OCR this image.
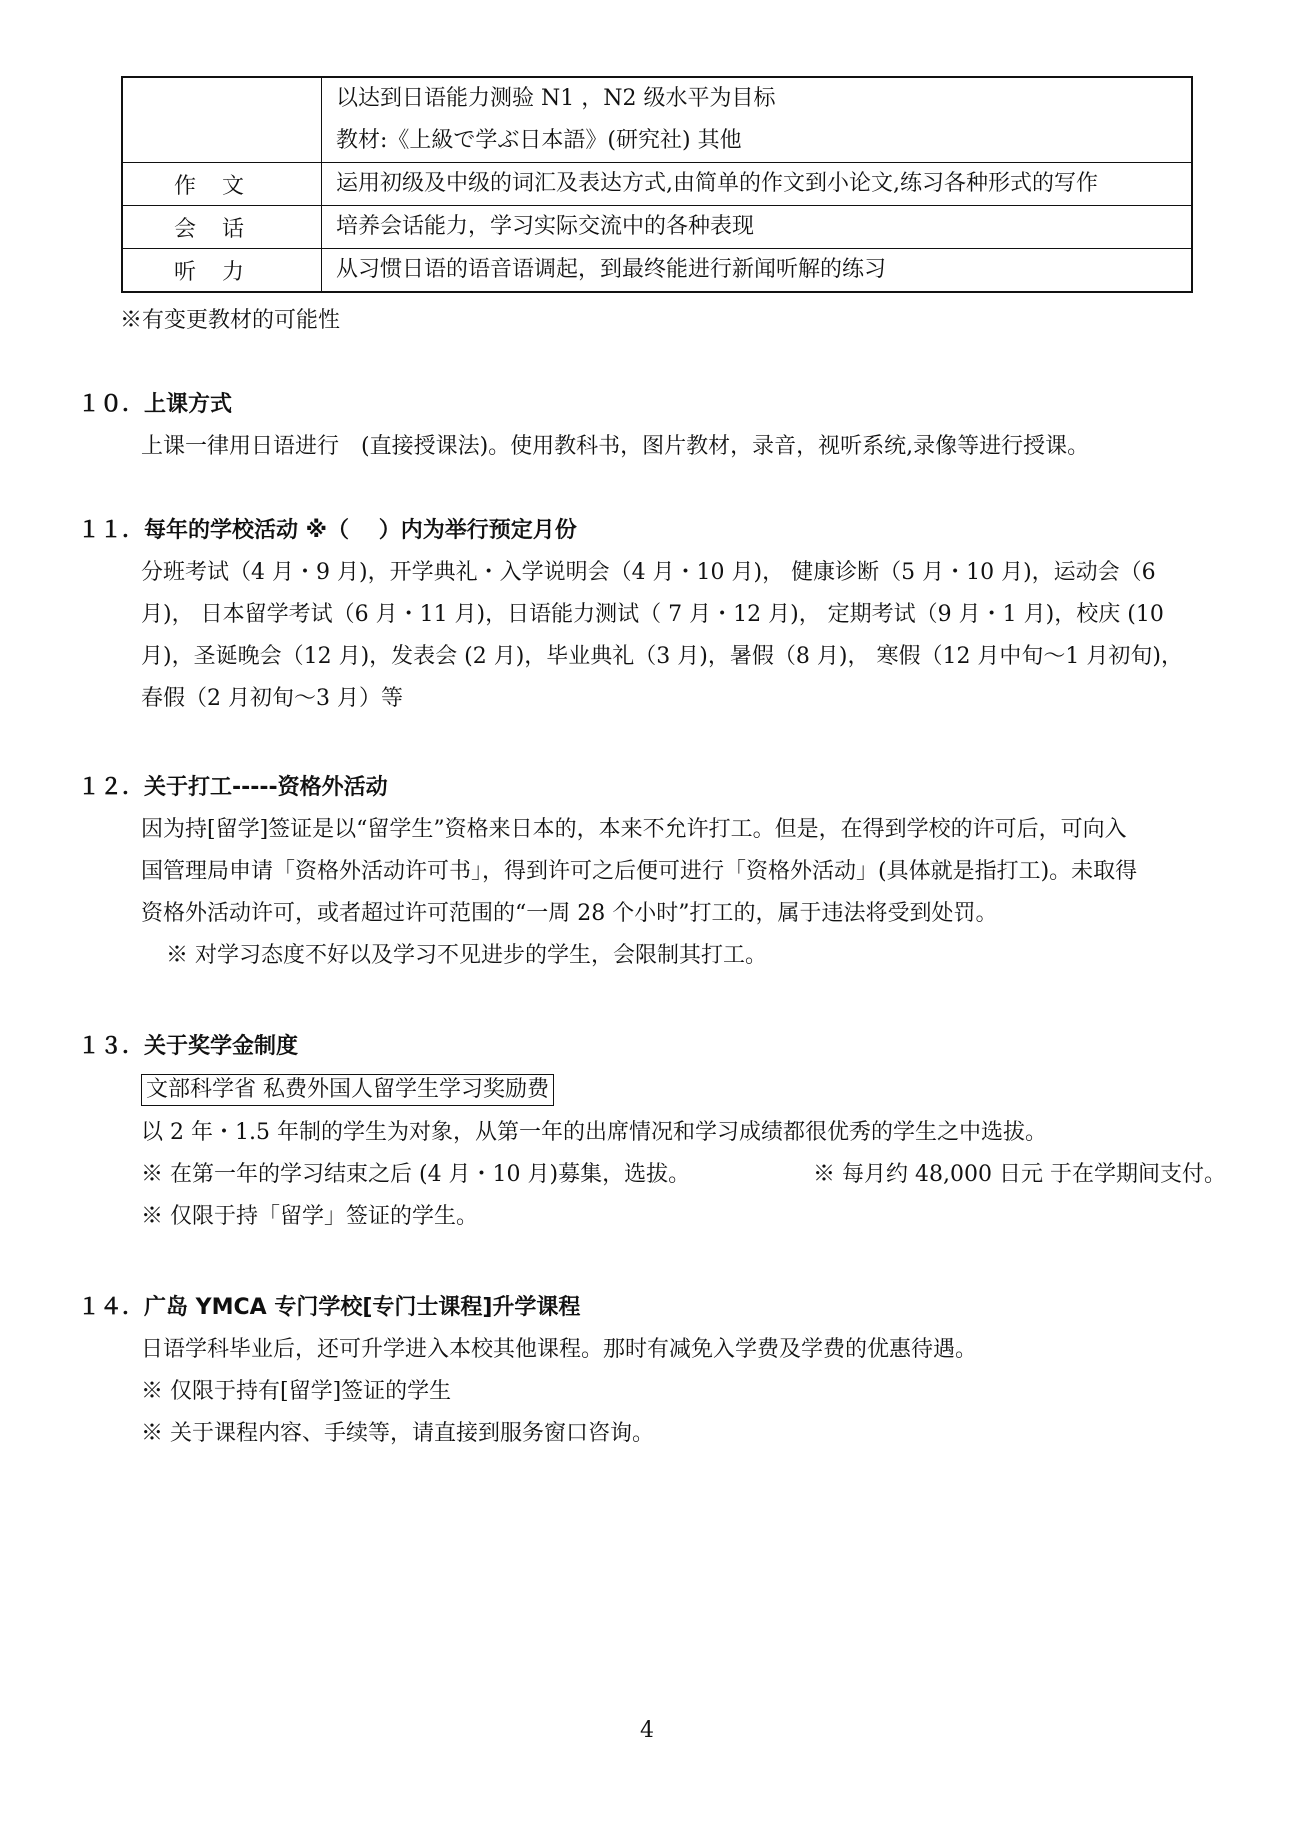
	以达到日语能力测验 N1 ，N2 级水平为目标
教材:《上級で学ぶ日本語》(研究社) 其他

作文	运用初级及中级的词汇及表达方式,由简单的作文到小论文,练习各种形式的写作

会话	培养会话能力，学习实际交流中的各种表现

听力	从习惯日语的语音语调起，到最终能进行新闻听解的练习
※有变更教材的可能性
１０．上课方式
上课一律用日语进行　(直接授课法)。使用教科书，图片教材，录音，视听系统,录像等进行授课。
１１．每年的学校活动 ※（　 ）内为举行预定月份
分班考试（4 月・9 月)，开学典礼・入学说明会（4 月・10 月)， 健康诊断（5 月・10 月)，运动会（6
月)， 日本留学考试（6 月・11 月)，日语能力测试（ 7 月・12 月)， 定期考试（9 月・1 月)，校庆 (10
月)，圣诞晚会（12 月)，发表会 (2 月)，毕业典礼（3 月)，暑假（8 月)， 寒假（12 月中旬～1 月初旬)，
春假（2 月初旬～3 月）等
１２．关于打工-----资格外活动
因为持[留学]签证是以“留学生”资格来日本的，本来不允许打工。但是，在得到学校的许可后，可向入
国管理局申请「资格外活动许可书」，得到许可之后便可进行「资格外活动」(具体就是指打工)。未取得
资格外活动许可，或者超过许可范围的“一周 28 个小时”打工的，属于违法将受到处罚。
※ 对学习态度不好以及学习不见进步的学生，会限制其打工。
１３．关于奖学金制度
文部科学省 私费外国人留学生学习奖励费
以 2 年・1.5 年制的学生为对象，从第一年的出席情况和学习成绩都很优秀的学生之中选拔。
※ 在第一年的学习结束之后 (4 月・10 月)募集，选拔。	※ 每月约 48,000 日元 于在学期间支付。
※ 仅限于持「留学」签证的学生。
１４．广岛 YMCA 专门学校[专门士课程]升学课程
日语学科毕业后，还可升学进入本校其他课程。那时有减免入学费及学费的优惠待遇。
※ 仅限于持有[留学]签证的学生
※ 关于课程内容、手续等，请直接到服务窗口咨询。
4
